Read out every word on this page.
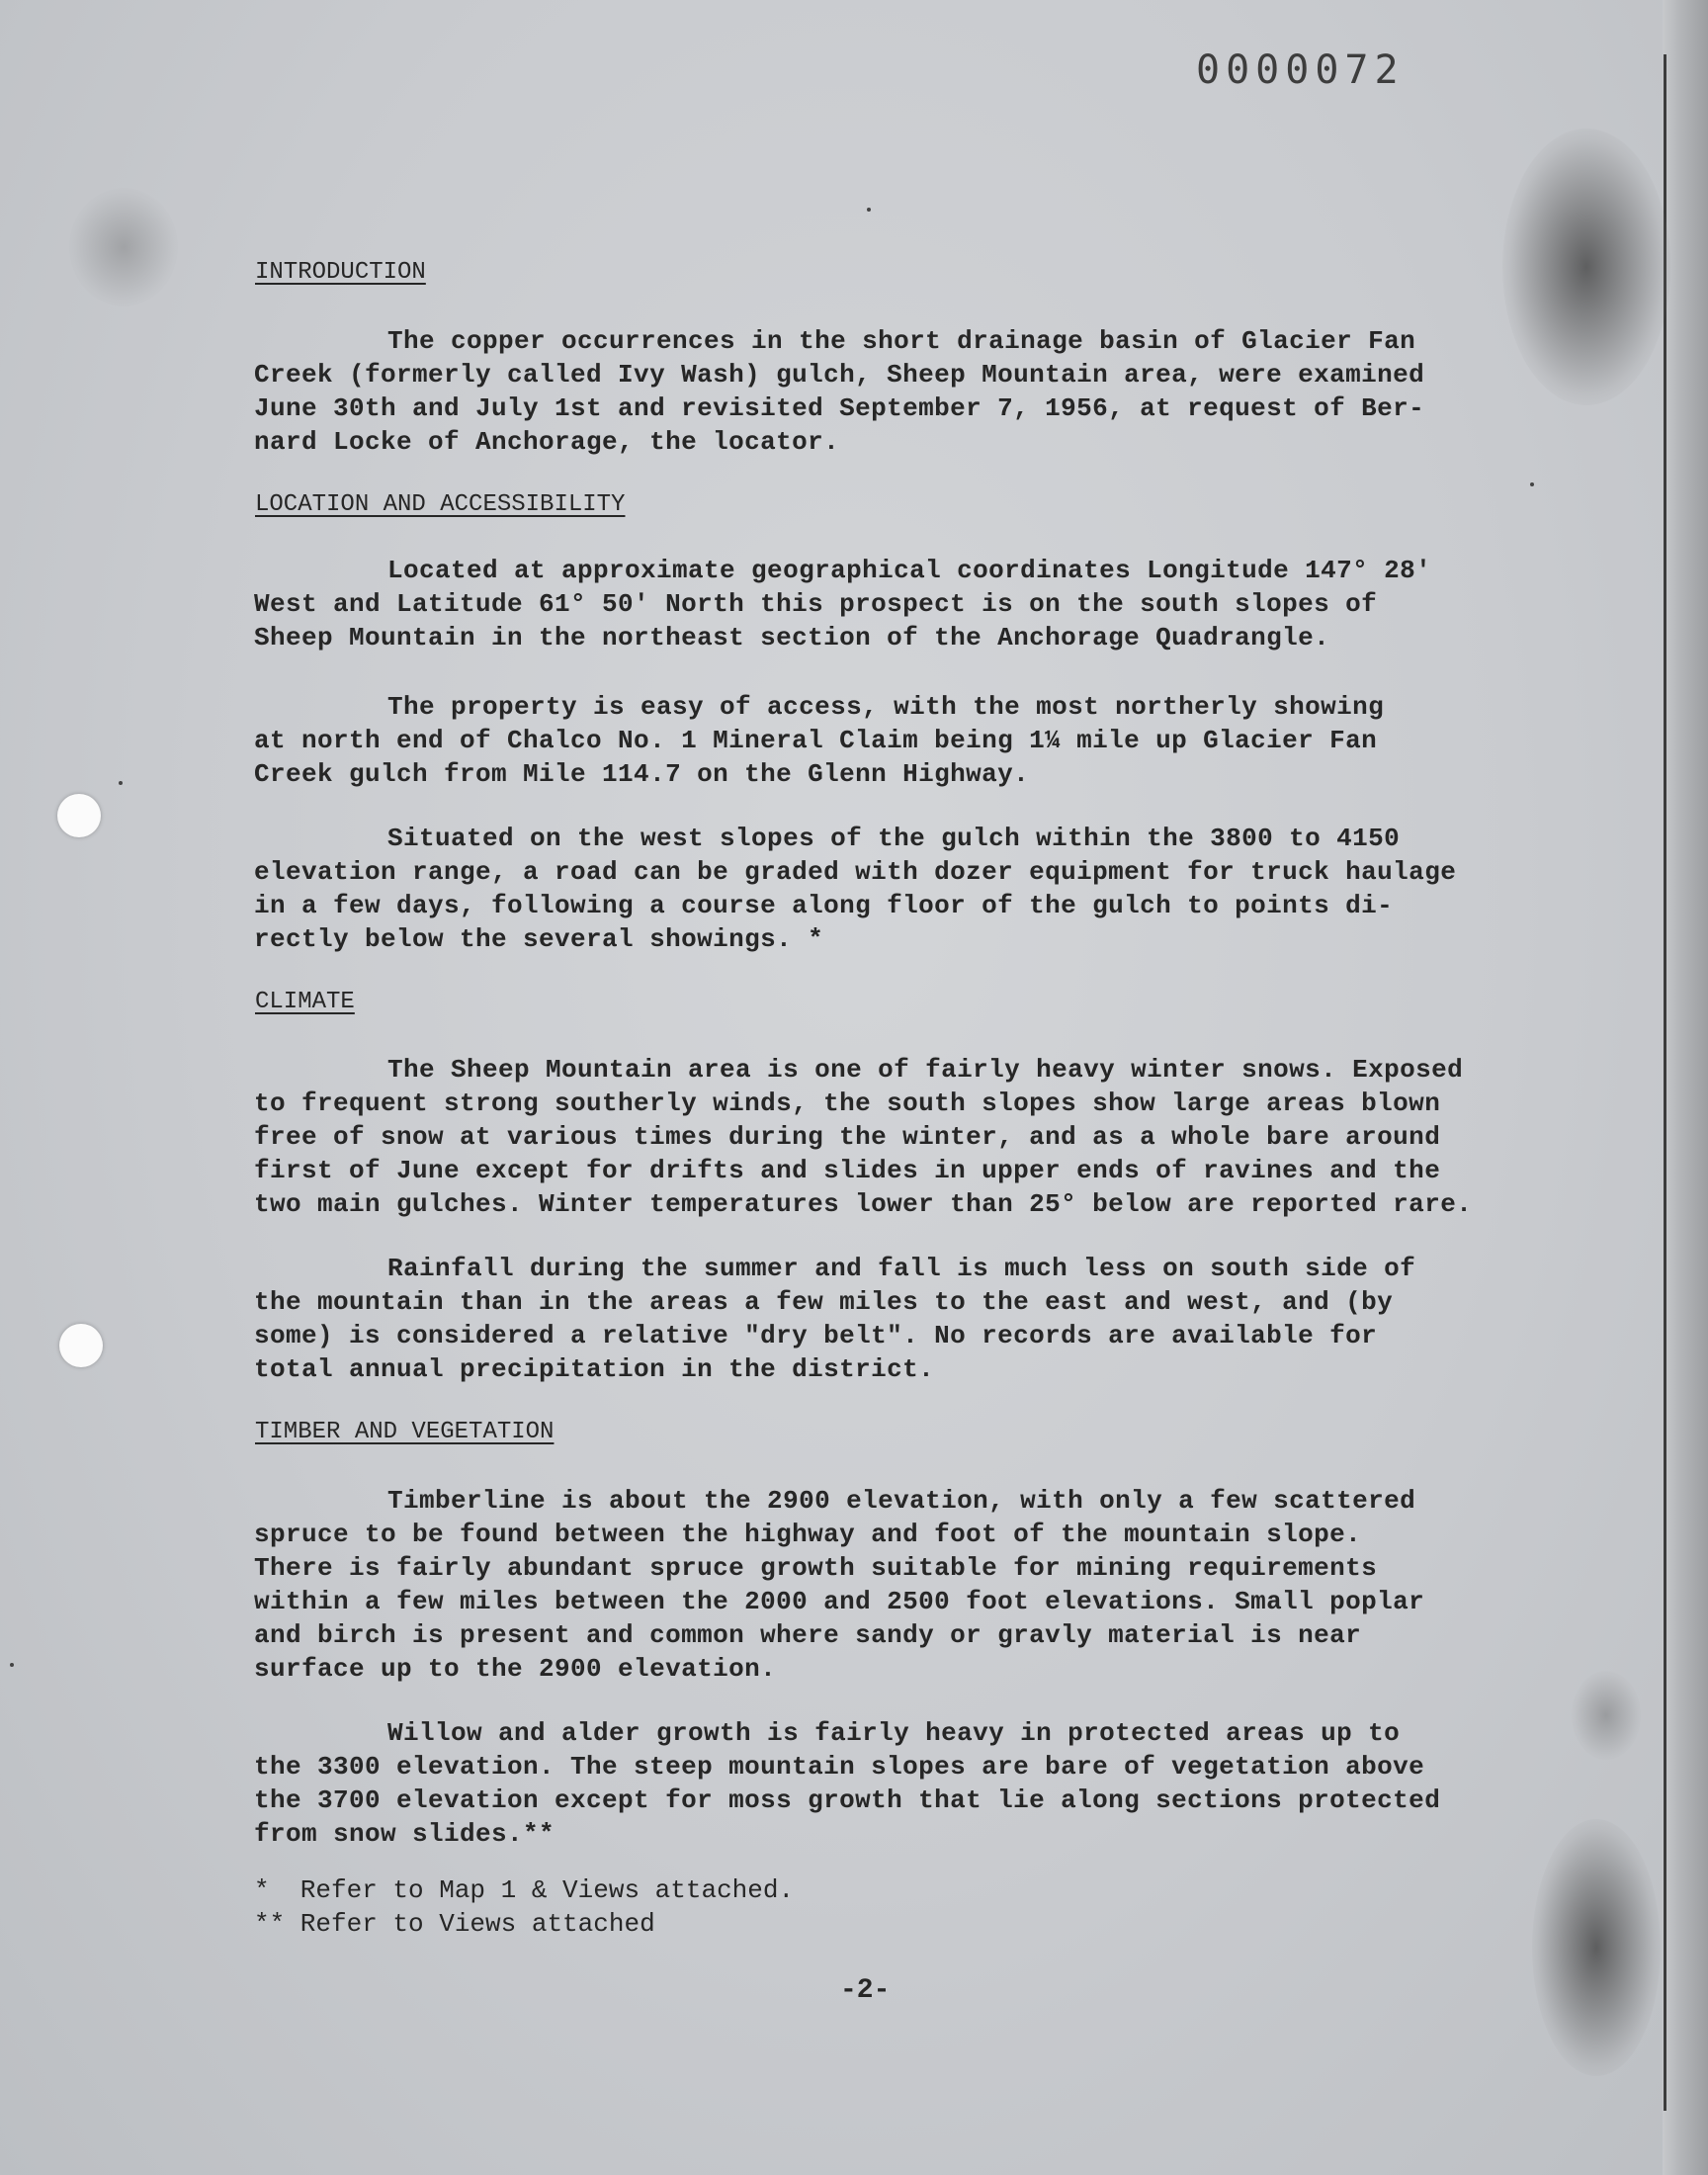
0000072
INTRODUCTION
The copper occurrences in the short drainage basin of Glacier Fan
Creek (formerly called Ivy Wash) gulch, Sheep Mountain area, were examined
June 30th and July 1st and revisited September 7, 1956, at request of Ber-
nard Locke of Anchorage, the locator.
LOCATION AND ACCESSIBILITY
Located at approximate geographical coordinates Longitude 147° 28'
West and Latitude 61° 50' North this prospect is on the south slopes of
Sheep Mountain in the northeast section of the Anchorage Quadrangle.
The property is easy of access, with the most northerly showing
at north end of Chalco No. 1 Mineral Claim being 1¼ mile up Glacier Fan
Creek gulch from Mile 114.7 on the Glenn Highway.
Situated on the west slopes of the gulch within the 3800 to 4150
elevation range, a road can be graded with dozer equipment for truck haulage
in a few days, following a course along floor of the gulch to points di-
rectly below the several showings. *
CLIMATE
The Sheep Mountain area is one of fairly heavy winter snows. Exposed
to frequent strong southerly winds, the south slopes show large areas blown
free of snow at various times during the winter, and as a whole bare around
first of June except for drifts and slides in upper ends of ravines and the
two main gulches. Winter temperatures lower than 25° below are reported rare.
Rainfall during the summer and fall is much less on south side of
the mountain than in the areas a few miles to the east and west, and (by
some) is considered a relative "dry belt". No records are available for
total annual precipitation in the district.
TIMBER AND VEGETATION
Timberline is about the 2900 elevation, with only a few scattered
spruce to be found between the highway and foot of the mountain slope.
There is fairly abundant spruce growth suitable for mining requirements
within a few miles between the 2000 and 2500 foot elevations. Small poplar
and birch is present and common where sandy or gravly material is near
surface up to the 2900 elevation.
Willow and alder growth is fairly heavy in protected areas up to
the 3300 elevation. The steep mountain slopes are bare of vegetation above
the 3700 elevation except for moss growth that lie along sections protected
from snow slides.**
*  Refer to Map 1 & Views attached.
** Refer to Views attached
-2-
